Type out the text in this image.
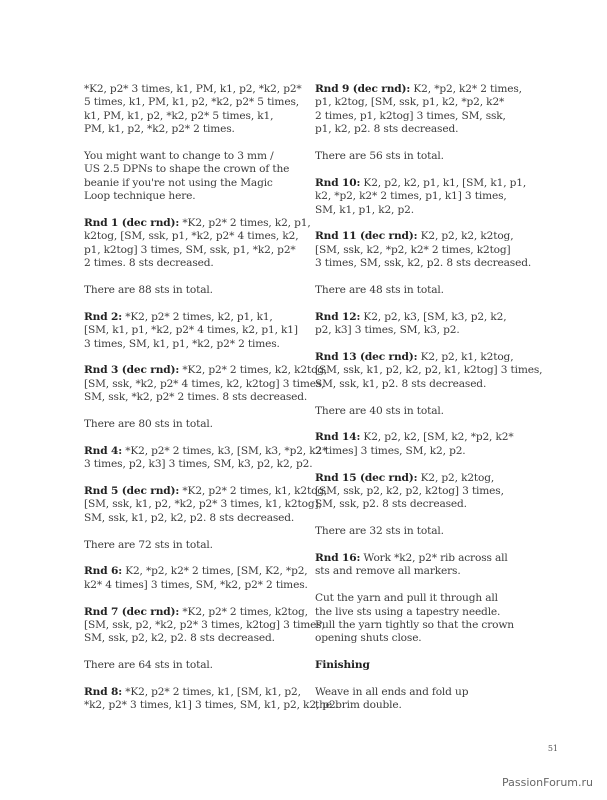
*K2, p2* 3 times, k1, PM, k1, p2, *k2, p2*
5 times, k1, PM, k1, p2, *k2, p2* 5 times,
k1, PM, k1, p2, *k2, p2* 5 times, k1,
PM, k1, p2, *k2, p2* 2 times.
You might want to change to 3 mm /
US 2.5 DPNs to shape the crown of the
beanie if you're not using the Magic
Loop technique here.
Rnd 1 (dec rnd): *K2, p2* 2 times, k2, p1,
k2tog, [SM, ssk, p1, *k2, p2* 4 times, k2,
p1, k2tog] 3 times, SM, ssk, p1, *k2, p2*
2 times. 8 sts decreased.
There are 88 sts in total.
Rnd 2: *K2, p2* 2 times, k2, p1, k1,
[SM, k1, p1, *k2, p2* 4 times, k2, p1, k1]
3 times, SM, k1, p1, *k2, p2* 2 times.
Rnd 3 (dec rnd): *K2, p2* 2 times, k2, k2tog,
[SM, ssk, *k2, p2* 4 times, k2, k2tog] 3 times,
SM, ssk, *k2, p2* 2 times. 8 sts decreased.
There are 80 sts in total.
Rnd 4: *K2, p2* 2 times, k3, [SM, k3, *p2, k2*
3 times, p2, k3] 3 times, SM, k3, p2, k2, p2.
Rnd 5 (dec rnd): *K2, p2* 2 times, k1, k2tog,
[SM, ssk, k1, p2, *k2, p2* 3 times, k1, k2tog],
SM, ssk, k1, p2, k2, p2. 8 sts decreased.
There are 72 sts in total.
Rnd 6: K2, *p2, k2* 2 times, [SM, K2, *p2,
k2* 4 times] 3 times, SM, *k2, p2* 2 times.
Rnd 7 (dec rnd): *K2, p2* 2 times, k2tog,
[SM, ssk, p2, *k2, p2* 3 times, k2tog] 3 times,
SM, ssk, p2, k2, p2. 8 sts decreased.
There are 64 sts in total.
Rnd 8: *K2, p2* 2 times, k1, [SM, k1, p2,
*k2, p2* 3 times, k1] 3 times, SM, k1, p2, k2, p2.
Rnd 9 (dec rnd): K2, *p2, k2* 2 times,
p1, k2tog, [SM, ssk, p1, k2, *p2, k2*
2 times, p1, k2tog] 3 times, SM, ssk,
p1, k2, p2. 8 sts decreased.
There are 56 sts in total.
Rnd 10: K2, p2, k2, p1, k1, [SM, k1, p1,
k2, *p2, k2* 2 times, p1, k1] 3 times,
SM, k1, p1, k2, p2.
Rnd 11 (dec rnd): K2, p2, k2, k2tog,
[SM, ssk, k2, *p2, k2* 2 times, k2tog]
3 times, SM, ssk, k2, p2. 8 sts decreased.
There are 48 sts in total.
Rnd 12: K2, p2, k3, [SM, k3, p2, k2,
p2, k3] 3 times, SM, k3, p2.
Rnd 13 (dec rnd): K2, p2, k1, k2tog,
[SM, ssk, k1, p2, k2, p2, k1, k2tog] 3 times,
SM, ssk, k1, p2. 8 sts decreased.
There are 40 sts in total.
Rnd 14: K2, p2, k2, [SM, k2, *p2, k2*
2 times] 3 times, SM, k2, p2.
Rnd 15 (dec rnd): K2, p2, k2tog,
[SM, ssk, p2, k2, p2, k2tog] 3 times,
SM, ssk, p2. 8 sts decreased.
There are 32 sts in total.
Rnd 16: Work *k2, p2* rib across all
sts and remove all markers.
Cut the yarn and pull it through all
the live sts using a tapestry needle.
Pull the yarn tightly so that the crown
opening shuts close.
Finishing
Weave in all ends and fold up
the brim double.
51
PassionForum.ru
